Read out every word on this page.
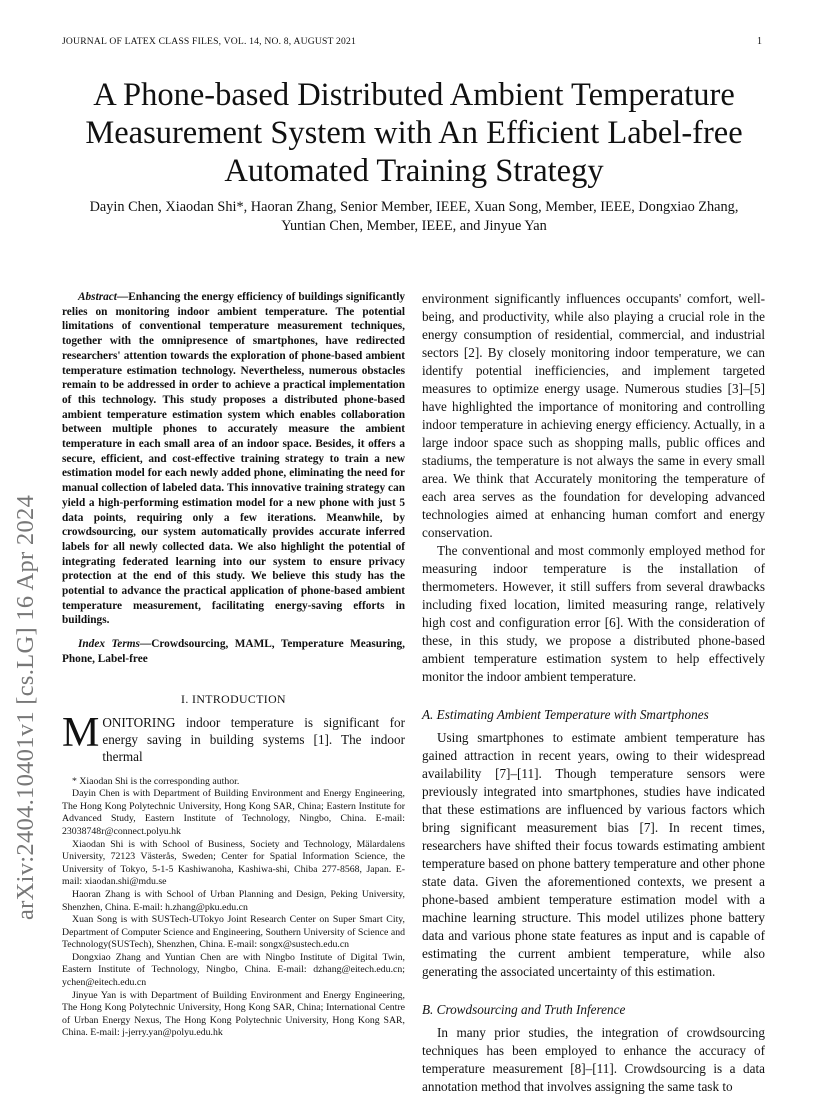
JOURNAL OF LATEX CLASS FILES, VOL. 14, NO. 8, AUGUST 2021	1
A Phone-based Distributed Ambient Temperature Measurement System with An Efficient Label-free Automated Training Strategy
Dayin Chen, Xiaodan Shi*, Haoran Zhang, Senior Member, IEEE, Xuan Song, Member, IEEE, Dongxiao Zhang,
Yuntian Chen, Member, IEEE, and Jinyue Yan
arXiv:2404.10401v1 [cs.LG] 16 Apr 2024

Abstract—Enhancing the energy efficiency of buildings significantly relies on monitoring indoor ambient temperature. The potential limitations of conventional temperature measurement techniques, together with the omnipresence of smartphones, have redirected researchers' attention towards the exploration of phone-based ambient temperature estimation technology. Nevertheless, numerous obstacles remain to be addressed in order to achieve a practical implementation of this technology. This study proposes a distributed phone-based ambient temperature estimation system which enables collaboration between multiple phones to accurately measure the ambient temperature in each small area of an indoor space. Besides, it offers a secure, efficient, and cost-effective training strategy to train a new estimation model for each newly added phone, eliminating the need for manual collection of labeled data. This innovative training strategy can yield a high-performing estimation model for a new phone with just 5 data points, requiring only a few iterations. Meanwhile, by crowdsourcing, our system automatically provides accurate inferred labels for all newly collected data. We also highlight the potential of integrating federated learning into our system to ensure privacy protection at the end of this study. We believe this study has the potential to advance the practical application of phone-based ambient temperature measurement, facilitating energy-saving efforts in buildings.

Index Terms—Crowdsourcing, MAML, Temperature Measuring, Phone, Label-free

I. INTRODUCTION

MONITORING indoor temperature is significant for energy saving in building systems [1]. The indoor thermal

* Xiaodan Shi is the corresponding author.

Dayin Chen is with Department of Building Environment and Energy Engineering, The Hong Kong Polytechnic University, Hong Kong SAR, China; Eastern Institute for Advanced Study, Eastern Institute of Technology, Ningbo, China. E-mail: 23038748r@connect.polyu.hk

Xiaodan Shi is with School of Business, Society and Technology, Mälardalens University, 72123 Västerås, Sweden; Center for Spatial Information Science, the University of Tokyo, 5-1-5 Kashiwanoha, Kashiwa-shi, Chiba 277-8568, Japan. E-mail: xiaodan.shi@mdu.se

Haoran Zhang is with School of Urban Planning and Design, Peking University, Shenzhen, China. E-mail: h.zhang@pku.edu.cn

Xuan Song is with SUSTech-UTokyo Joint Research Center on Super Smart City, Department of Computer Science and Engineering, Southern University of Science and Technology(SUSTech), Shenzhen, China. E-mail: songx@sustech.edu.cn

Dongxiao Zhang and Yuntian Chen are with Ningbo Institute of Digital Twin, Eastern Institute of Technology, Ningbo, China. E-mail: dzhang@eitech.edu.cn; ychen@eitech.edu.cn

Jinyue Yan is with Department of Building Environment and Energy Engineering, The Hong Kong Polytechnic University, Hong Kong SAR, China; International Centre of Urban Energy Nexus, The Hong Kong Polytechnic University, Hong Kong SAR, China. E-mail: j-jerry.yan@polyu.edu.hk

environment significantly influences occupants' comfort, well-being, and productivity, while also playing a crucial role in the energy consumption of residential, commercial, and industrial sectors [2]. By closely monitoring indoor temperature, we can identify potential inefficiencies, and implement targeted measures to optimize energy usage. Numerous studies [3]–[5] have highlighted the importance of monitoring and controlling indoor temperature in achieving energy efficiency. Actually, in a large indoor space such as shopping malls, public offices and stadiums, the temperature is not always the same in every small area. We think that Accurately monitoring the temperature of each area serves as the foundation for developing advanced technologies aimed at enhancing human comfort and energy conservation.

The conventional and most commonly employed method for measuring indoor temperature is the installation of thermometers. However, it still suffers from several drawbacks including fixed location, limited measuring range, relatively high cost and configuration error [6]. With the consideration of these, in this study, we propose a distributed phone-based ambient temperature estimation system to help effectively monitor the indoor ambient temperature.

A. Estimating Ambient Temperature with Smartphones

Using smartphones to estimate ambient temperature has gained attraction in recent years, owing to their widespread availability [7]–[11]. Though temperature sensors were previously integrated into smartphones, studies have indicated that these estimations are influenced by various factors which bring significant measurement bias [7]. In recent times, researchers have shifted their focus towards estimating ambient temperature based on phone battery temperature and other phone state data. Given the aforementioned contexts, we present a phone-based ambient temperature estimation model with a machine learning structure. This model utilizes phone battery data and various phone state features as input and is capable of estimating the current ambient temperature, while also generating the associated uncertainty of this estimation.

B. Crowdsourcing and Truth Inference

In many prior studies, the integration of crowdsourcing techniques has been employed to enhance the accuracy of temperature measurement [8]–[11]. Crowdsourcing is a data annotation method that involves assigning the same task to
